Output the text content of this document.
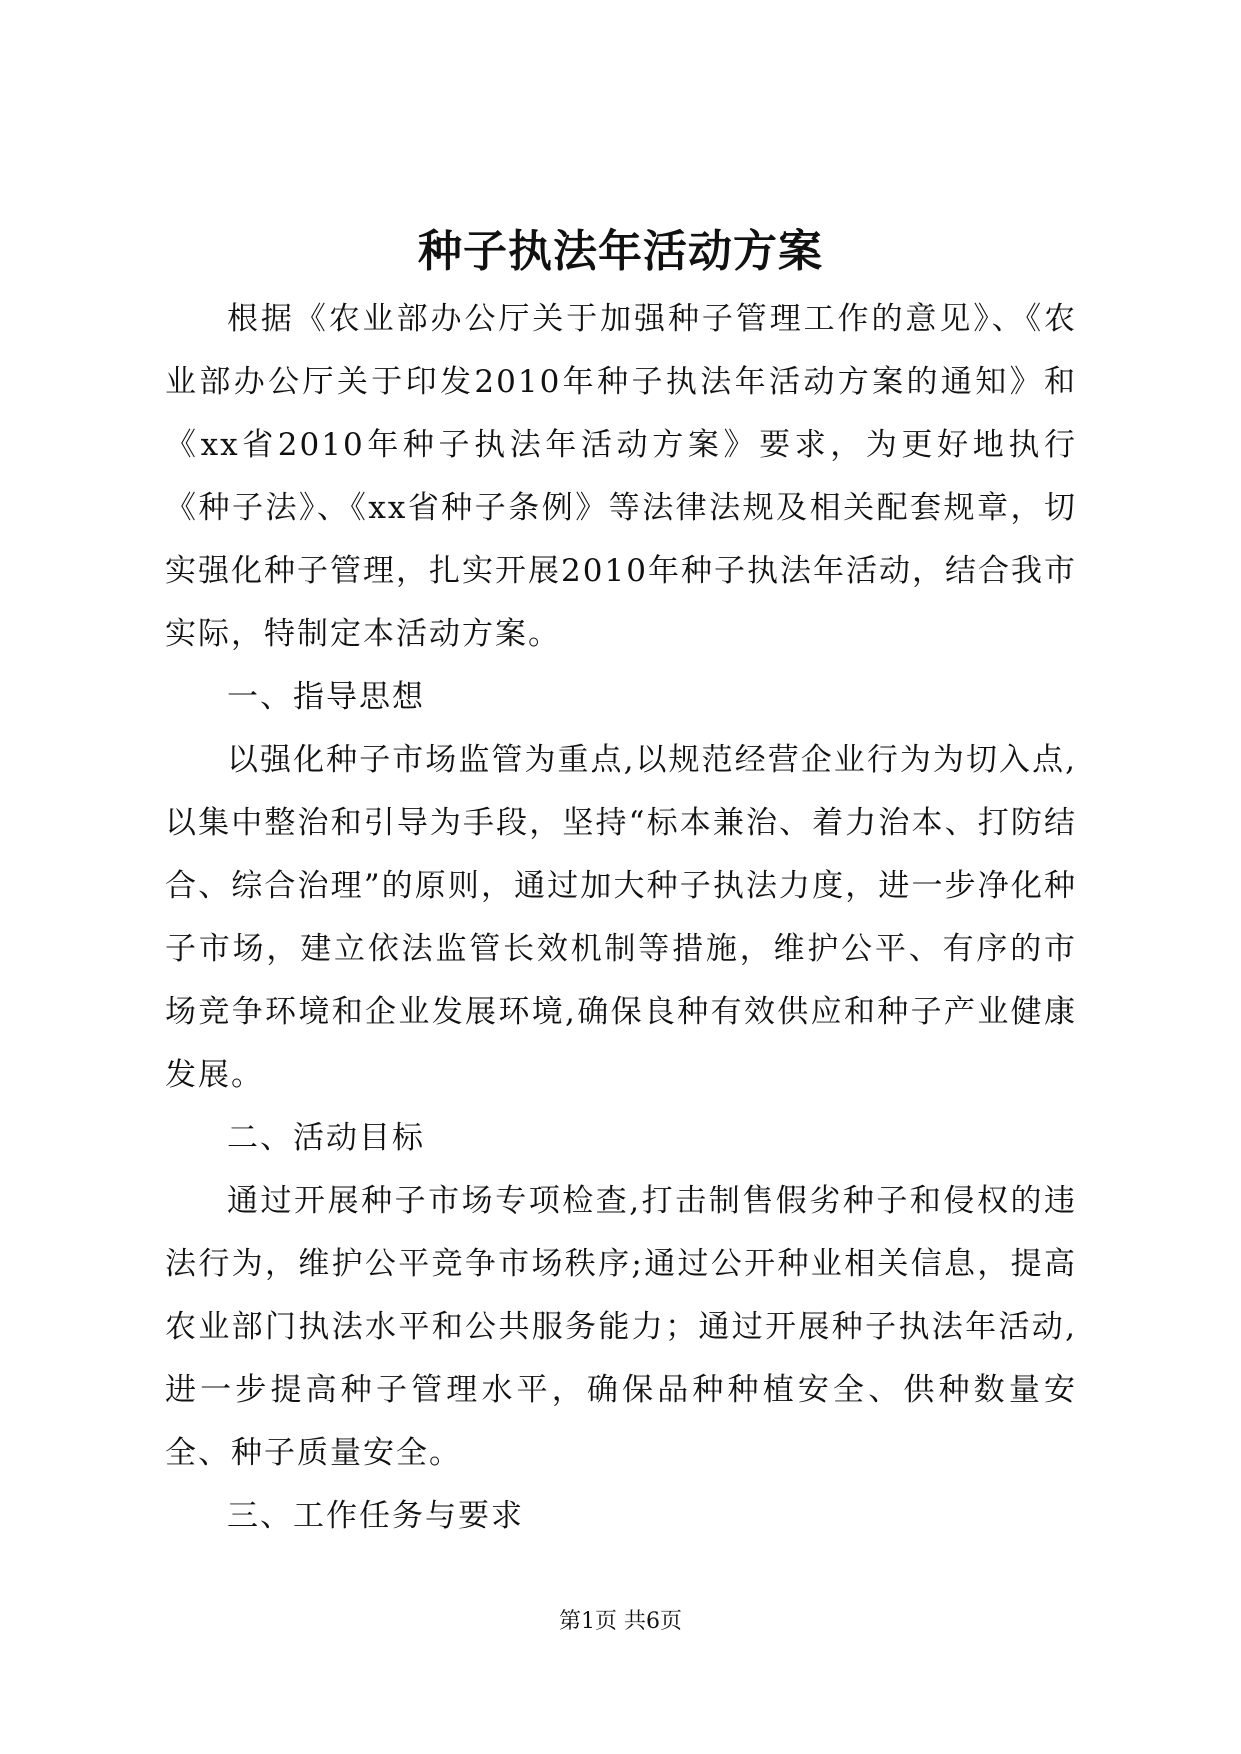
种子执法年活动方案

根据《农业部办公厅关于加强种子管理工作的意见》、《农业部办公厅关于印发2010年种子执法年活动方案的通知》和《xx省2010年种子执法年活动方案》要求，为更好地执行《种子法》、《xx省种子条例》等法律法规及相关配套规章，切实强化种子管理，扎实开展2010年种子执法年活动，结合我市实际，特制定本活动方案。

一、指导思想

以强化种子市场监管为重点,以规范经营企业行为为切入点,以集中整治和引导为手段，坚持“标本兼治、着力治本、打防结合、综合治理”的原则，通过加大种子执法力度，进一步净化种子市场，建立依法监管长效机制等措施，维护公平、有序的市场竞争环境和企业发展环境,确保良种有效供应和种子产业健康发展。

二、活动目标

通过开展种子市场专项检查,打击制售假劣种子和侵权的违法行为，维护公平竞争市场秩序;通过公开种业相关信息，提高农业部门执法水平和公共服务能力；通过开展种子执法年活动,进一步提高种子管理水平，确保品种种植安全、供种数量安全、种子质量安全。

三、工作任务与要求

第1页 共6页
